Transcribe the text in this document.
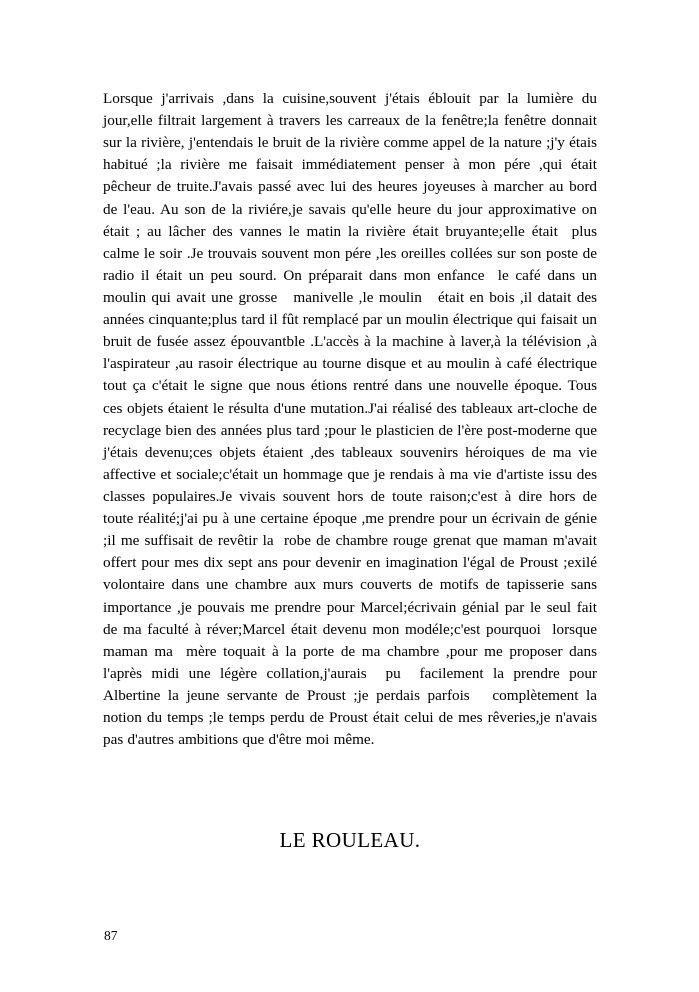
Lorsque j'arrivais ,dans la cuisine,souvent j'étais éblouit par la lumière du jour,elle filtrait largement à travers les carreaux de la fenêtre;la fenêtre donnait sur la rivière, j'entendais le bruit de la rivière comme appel de la nature ;j'y étais habitué ;la rivière me faisait immédiatement penser à mon pére ,qui était pêcheur de truite.J'avais passé avec lui des heures joyeuses à marcher au bord de l'eau. Au son de la riviére,je savais qu'elle heure du jour approximative on était ; au lâcher des vannes le matin la rivière était bruyante;elle était  plus calme le soir .Je trouvais souvent mon pére ,les oreilles collées sur son poste de radio il était un peu sourd. On préparait dans mon enfance  le café dans un moulin qui avait une grosse   manivelle ,le moulin   était en bois ,il datait des années cinquante;plus tard il fût remplacé par un moulin électrique qui faisait un bruit de fusée assez épouvantble .L'accès à la machine à laver,à la télévision ,à l'aspirateur ,au rasoir électrique au tourne disque et au moulin à café électrique tout ça c'était le signe que nous étions rentré dans une nouvelle époque. Tous ces objets étaient le résulta d'une mutation.J'ai réalisé des tableaux art-cloche de recyclage bien des années plus tard ;pour le plasticien de l'ère post-moderne que j'étais devenu;ces objets étaient ,des tableaux souvenirs héroiques de ma vie affective et sociale;c'était un hommage que je rendais à ma vie d'artiste issu des classes populaires.Je vivais souvent hors de toute raison;c'est à dire hors de toute réalité;j'ai pu à une certaine époque ,me prendre pour un écrivain de génie ;il me suffisait de revêtir la  robe de chambre rouge grenat que maman m'avait offert pour mes dix sept ans pour devenir en imagination l'égal de Proust ;exilé volontaire dans une chambre aux murs couverts de motifs de tapisserie sans importance ,je pouvais me prendre pour Marcel;écrivain génial par le seul fait de ma faculté à réver;Marcel était devenu mon modéle;c'est pourquoi  lorsque maman ma  mère toquait à la porte de ma chambre ,pour me proposer dans l'après midi une légère collation,j'aurais  pu  facilement la prendre pour Albertine la jeune servante de Proust ;je perdais parfois   complètement la notion du temps ;le temps perdu de Proust était celui de mes rêveries,je n'avais pas d'autres ambitions que d'être moi même.
LE ROULEAU.
87
